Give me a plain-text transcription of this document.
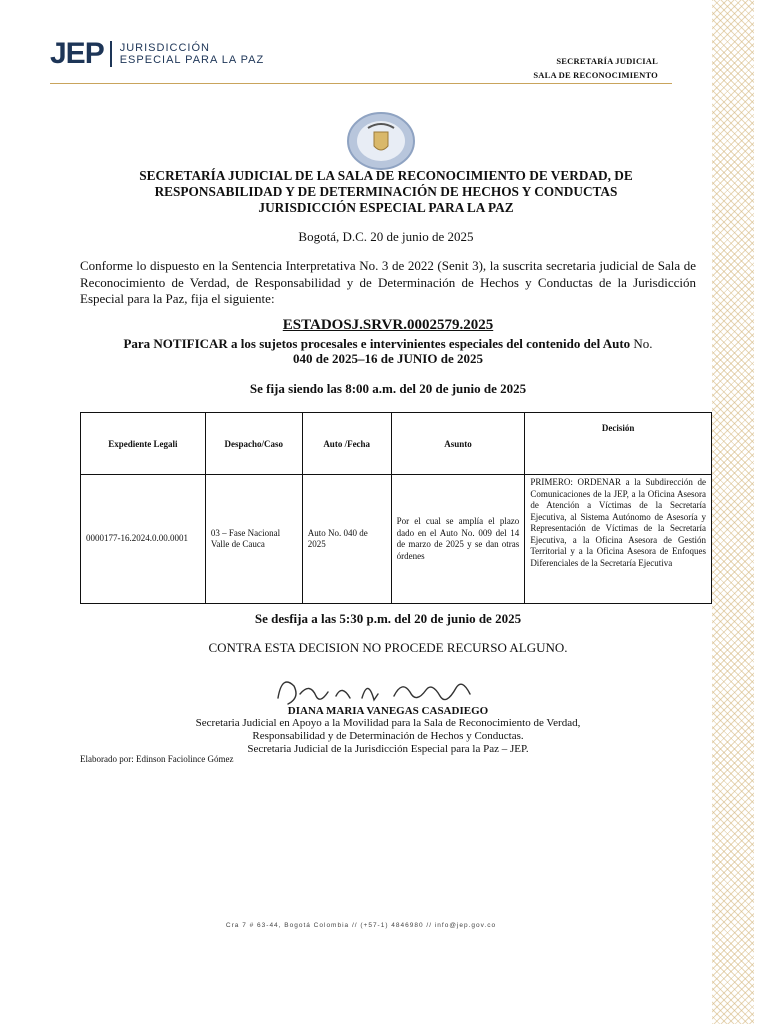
JEP JURISDICCIÓN
ESPECIAL PARA LA PAZ	SECRETARÍA JUDICIAL
SALA DE RECONOCIMIENTO
SECRETARÍA JUDICIAL DE LA SALA DE RECONOCIMIENTO DE VERDAD, DE
RESPONSABILIDAD Y DE DETERMINACIÓN DE HECHOS Y CONDUCTAS
JURISDICCIÓN ESPECIAL PARA LA PAZ
Bogotá, D.C. 20 de junio de 2025
Conforme lo dispuesto en la Sentencia Interpretativa No. 3 de 2022 (Senit 3), la suscrita secretaria judicial de Sala de Reconocimiento de Verdad, de Responsabilidad y de Determinación de Hechos y Conductas de la Jurisdicción Especial para la Paz, fija el siguiente:
ESTADOSJ.SRVR.0002579.2025
Para NOTIFICAR a los sujetos procesales e intervinientes especiales del contenido del Auto No.
040 de 2025–16 de JUNIO de 2025
Se fija siendo las 8:00 a.m. del 20 de junio de 2025
Expediente Legali	Despacho/Caso	Auto /Fecha	Asunto	Decisión
0000177-16.2024.0.00.0001	03 – Fase Nacional Valle de Cauca	Auto No. 040 de 2025	Por el cual se amplía el plazo dado en el Auto No. 009 del 14 de marzo de 2025 y se dan otras órdenes	PRIMERO: ORDENAR a la Subdirección de Comunicaciones de la JEP, a la Oficina Asesora de Atención a Víctimas de la Secretaría Ejecutiva, al Sistema Autónomo de Asesoría y Representación de Víctimas de la Secretaría Ejecutiva, a la Oficina Asesora de Gestión Territorial y a la Oficina Asesora de Enfoques Diferenciales de la Secretaría Ejecutiva
Se desfija a las 5:30 p.m. del 20 de junio de 2025
CONTRA ESTA DECISION NO PROCEDE RECURSO ALGUNO.
DIANA MARIA VANEGAS CASADIEGO
Secretaria Judicial en Apoyo a la Movilidad para la Sala de Reconocimiento de Verdad,
Responsabilidad y de Determinación de Hechos y Conductas.
Secretaria Judicial de la Jurisdicción Especial para la Paz – JEP.
Elaborado por: Edinson Faciolince Gómez
Cra 7 # 63-44, Bogotá Colombia // (+57-1) 4846980 // info@jep.gov.co
